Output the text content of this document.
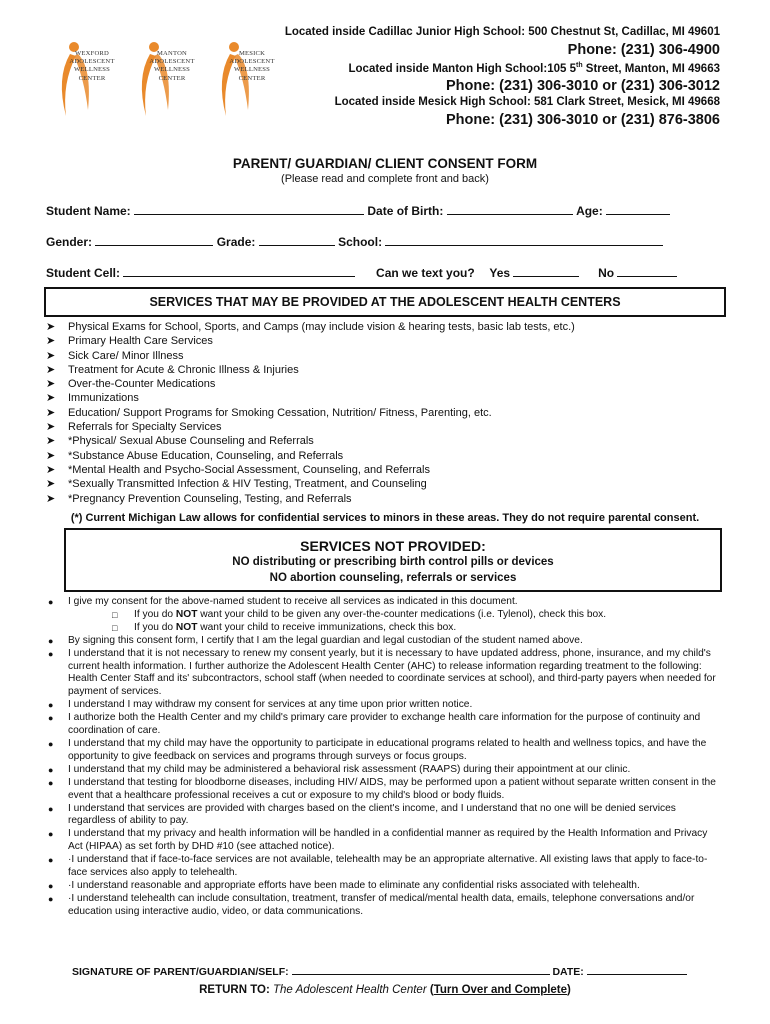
WEXFORD
ADOLESCENT
WELLNESS
CENTER
MANTON
ADOLESCENT
WELLNESS
CENTER
MESICK
ADOLESCENT
WELLNESS
CENTER
Located inside Cadillac Junior High School: 500 Chestnut St, Cadillac, MI 49601
Phone: (231) 306-4900
Located inside Manton High School:105 5th Street, Manton, MI 49663
Phone: (231) 306-3010 or (231) 306-3012
Located inside Mesick High School: 581 Clark Street, Mesick, MI 49668
Phone: (231) 306-3010 or (231) 876-3806
PARENT/ GUARDIAN/ CLIENT CONSENT FORM
(Please read and complete front and back)
Student Name:	Date of Birth:	Age:
Gender:	Grade:	School:
Student Cell:	Can we text you? Yes	No
SERVICES THAT MAY BE PROVIDED AT THE ADOLESCENT HEALTH CENTERS
➤ Physical Exams for School, Sports, and Camps (may include vision & hearing tests, basic lab tests, etc.)
➤ Primary Health Care Services
➤ Sick Care/ Minor Illness
➤ Treatment for Acute & Chronic Illness & Injuries
➤ Over-the-Counter Medications
➤ Immunizations
➤ Education/ Support Programs for Smoking Cessation, Nutrition/ Fitness, Parenting, etc.
➤ Referrals for Specialty Services
➤ *Physical/ Sexual Abuse Counseling and Referrals
➤ *Substance Abuse Education, Counseling, and Referrals
➤ *Mental Health and Psycho-Social Assessment, Counseling, and Referrals
➤ *Sexually Transmitted Infection & HIV Testing, Treatment, and Counseling
➤ *Pregnancy Prevention Counseling, Testing, and Referrals
(*) Current Michigan Law allows for confidential services to minors in these areas. They do not require parental consent.
SERVICES NOT PROVIDED:
NO distributing or prescribing birth control pills or devices
NO abortion counseling, referrals or services
● I give my consent for the above-named student to receive all services as indicated in this document.
□ If you do NOT want your child to be given any over-the-counter medications (i.e. Tylenol), check this box.
□ If you do NOT want your child to receive immunizations, check this box.
● By signing this consent form, I certify that I am the legal guardian and legal custodian of the student named above.
● I understand that it is not necessary to renew my consent yearly, but it is necessary to have updated address, phone, insurance, and my child's current health information. I further authorize the Adolescent Health Center (AHC) to release information regarding treatment to the following: Health Center Staff and its' subcontractors, school staff (when needed to coordinate services at school), and third-party payers when needed for payment of services.
● I understand I may withdraw my consent for services at any time upon prior written notice.
● I authorize both the Health Center and my child's primary care provider to exchange health care information for the purpose of continuity and coordination of care.
● I understand that my child may have the opportunity to participate in educational programs related to health and wellness topics, and have the opportunity to give feedback on services and programs through surveys or focus groups.
● I understand that my child may be administered a behavioral risk assessment (RAAPS) during their appointment at our clinic.
● I understand that testing for bloodborne diseases, including HIV/ AIDS, may be performed upon a patient without separate written consent in the event that a healthcare professional receives a cut or exposure to my child's blood or body fluids.
● I understand that services are provided with charges based on the client's income, and I understand that no one will be denied services regardless of ability to pay.
● I understand that my privacy and health information will be handled in a confidential manner as required by the Health Information and Privacy Act (HIPAA) as set forth by DHD #10 (see attached notice).
● ·I understand that if face-to-face services are not available, telehealth may be an appropriate alternative. All existing laws that apply to face-to-face services also apply to telehealth.
● ·I understand reasonable and appropriate efforts have been made to eliminate any confidential risks associated with telehealth.
● ·I understand telehealth can include consultation, treatment, transfer of medical/mental health data, emails, telephone conversations and/or education using interactive audio, video, or data communications.
SIGNATURE OF PARENT/GUARDIAN/SELF:	DATE:
RETURN TO: The Adolescent Health Center (Turn Over and Complete)
